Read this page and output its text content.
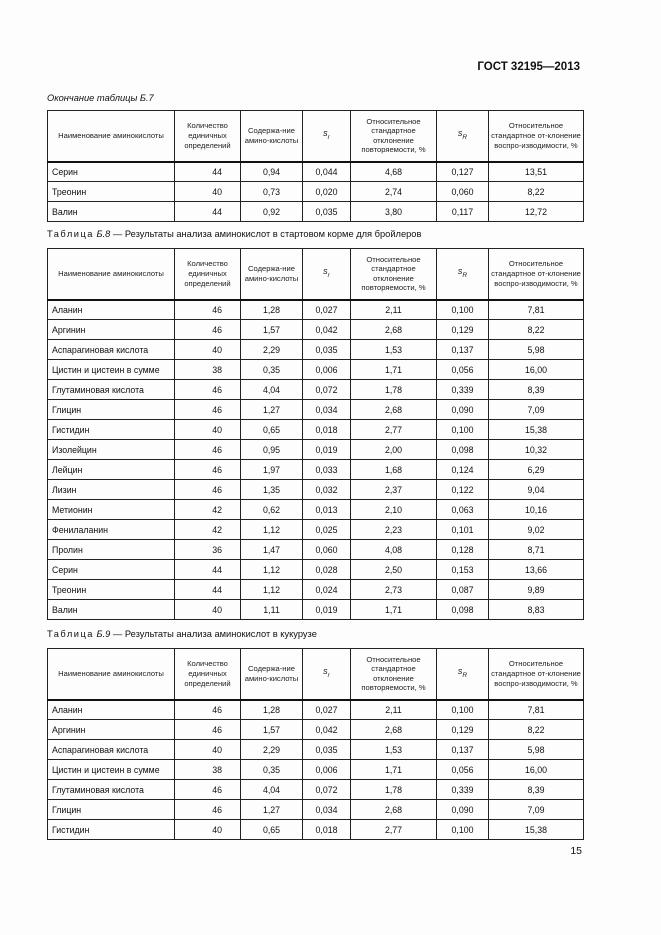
ГОСТ 32195—2013
Окончание таблицы Б.7
Наименование аминокислоты	Количество единичных определений	Содержа-ние амино-кислоты	$s_r$	Относительное стандартное отклонение повторяемости, %	$s_R$	Относительное стандартное от-клонение воспро-изводимости, %
Серин	44	0,94	0,044	4,68	0,127	13,51
Треонин	40	0,73	0,020	2,74	0,060	8,22
Валин	44	0,92	0,035	3,80	0,117	12,72
Таблица Б.8 — Результаты анализа аминокислот в стартовом корме для бройлеров
Наименование аминокислоты	Количество единичных определений	Содержа-ние амино-кислоты	$s_r$	Относительное стандартное отклонение повторяемости, %	$s_R$	Относительное стандартное от-клонение воспро-изводимости, %
Аланин	46	1,28	0,027	2,11	0,100	7,81
Аргинин	46	1,57	0,042	2,68	0,129	8,22
Аспарагиновая кислота	40	2,29	0,035	1,53	0,137	5,98
Цистин и цистеин в сумме	38	0,35	0,006	1,71	0,056	16,00
Глутаминовая кислота	46	4,04	0,072	1,78	0,339	8,39
Глицин	46	1,27	0,034	2,68	0,090	7,09
Гистидин	40	0,65	0,018	2,77	0,100	15,38
Изолейцин	46	0,95	0,019	2,00	0,098	10,32
Лейцин	46	1,97	0,033	1,68	0,124	6,29
Лизин	46	1,35	0,032	2,37	0,122	9,04
Метионин	42	0,62	0,013	2,10	0,063	10,16
Фенилаланин	42	1,12	0,025	2,23	0,101	9,02
Пролин	36	1,47	0,060	4,08	0,128	8,71
Серин	44	1,12	0,028	2,50	0,153	13,66
Треонин	44	1,12	0,024	2,73	0,087	9,89
Валин	40	1,11	0,019	1,71	0,098	8,83
Таблица Б.9 — Результаты анализа аминокислот в кукурузе
Наименование аминокислоты	Количество единичных определений	Содержа-ние амино-кислоты	$s_r$	Относительное стандартное отклонение повторяемости, %	$s_R$	Относительное стандартное от-клонение воспро-изводимости, %
Аланин	46	1,28	0,027	2,11	0,100	7,81
Аргинин	46	1,57	0,042	2,68	0,129	8,22
Аспарагиновая кислота	40	2,29	0,035	1,53	0,137	5,98
Цистин и цистеин в сумме	38	0,35	0,006	1,71	0,056	16,00
Глутаминовая кислота	46	4,04	0,072	1,78	0,339	8,39
Глицин	46	1,27	0,034	2,68	0,090	7,09
Гистидин	40	0,65	0,018	2,77	0,100	15,38
15
